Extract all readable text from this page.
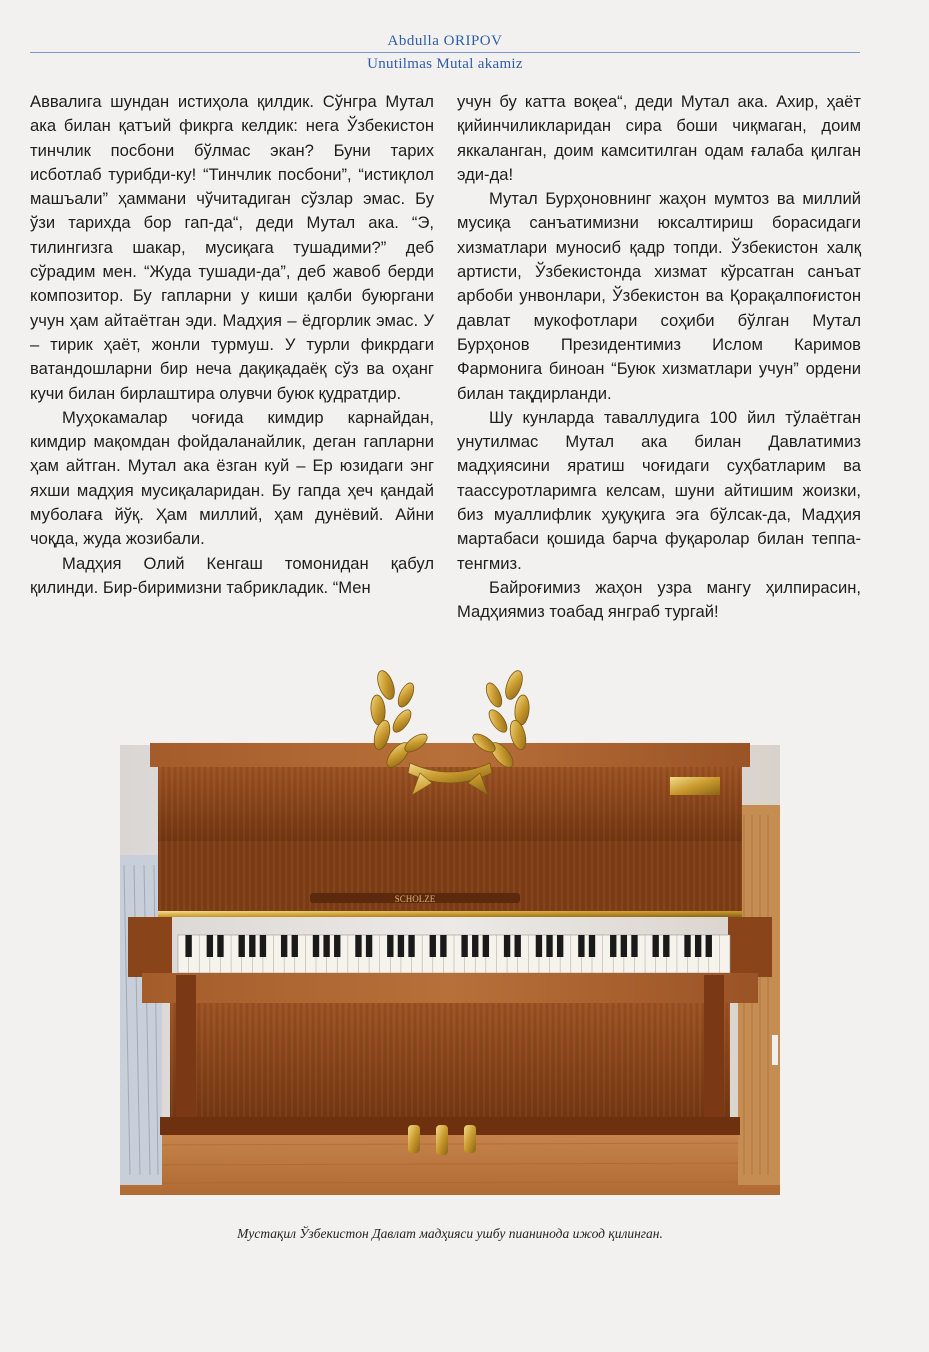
Abdulla ORIPOV
Unutilmas Mutal akamiz

Аввалига шундан истиҳола қилдик. Сўнгра Мутал ака билан қатъий фикрга келдик: нега Ўзбекистон тинчлик посбони бўлмас экан? Буни тарих исботлаб турибди-ку! “Тинчлик посбони”, “истиқлол машъали” ҳаммани чўчитадиган сўзлар эмас. Бу ўзи тарихда бор гап-да“, деди Мутал ака. “Э, тилингизга шакар, мусиқага тушадими?” деб сўрадим мен. “Жуда тушади-да”, деб жавоб берди композитор. Бу гапларни у киши қалби буюргани учун ҳам айтаётган эди. Мадҳия – ёдгорлик эмас. У – тирик ҳаёт, жонли турмуш. У турли фикрдаги ватандошларни бир неча дақиқадаёқ сўз ва оҳанг кучи билан бирлаштира олувчи буюк қудратдир.

Муҳокамалар чоғида кимдир карнайдан, кимдир мақомдан фойдаланайлик, деган гапларни ҳам айтган. Мутал ака ёзган куй – Ер юзидаги энг яхши мадҳия мусиқаларидан. Бу гапда ҳеч қандай муболаға йўқ. Ҳам миллий, ҳам дунёвий. Айни чоқда, жуда жозибали.

Мадҳия Олий Кенгаш томонидан қабул қилинди. Бир-биримизни табрикладик. “Мен

учун бу катта воқеа“, деди Мутал ака. Ахир, ҳаёт қийинчиликларидан сира боши чиқмаган, доим яккаланган, доим камситилган одам ғалаба қилган эди-да!

Мутал Бурҳоновнинг жаҳон мумтоз ва миллий мусиқа санъатимизни юксалтириш борасидаги хизматлари муносиб қадр топди. Ўзбекистон халқ артисти, Ўзбекистонда хизмат кўрсатган санъат арбоби унвонлари, Ўзбекистон ва Қорақалпоғистон давлат мукофотлари соҳиби бўлган Мутал Бурҳонов Президентимиз Ислом Каримов Фармонига биноан “Буюк хизматлари учун” ордени билан тақдирланди.

Шу кунларда таваллудига 100 йил тўлаётган унутилмас Мутал ака билан Давлатимиз мадҳиясини яратиш чоғидаги суҳбатларим ва таассуротларимга келсам, шуни айтишим жоизки, биз муаллифлик ҳуқуқига эга бўлсак-да, Мадҳия мартабаси қошида барча фуқаролар билан теппа-тенгмиз.

Байроғимиз жаҳон узра мангу ҳилпирасин, Мадҳиямиз тоабад янграб тургай!

SCHOLZE
Мустақил Ўзбекистон Давлат мадҳияси ушбу пианинода ижод қилинган.
